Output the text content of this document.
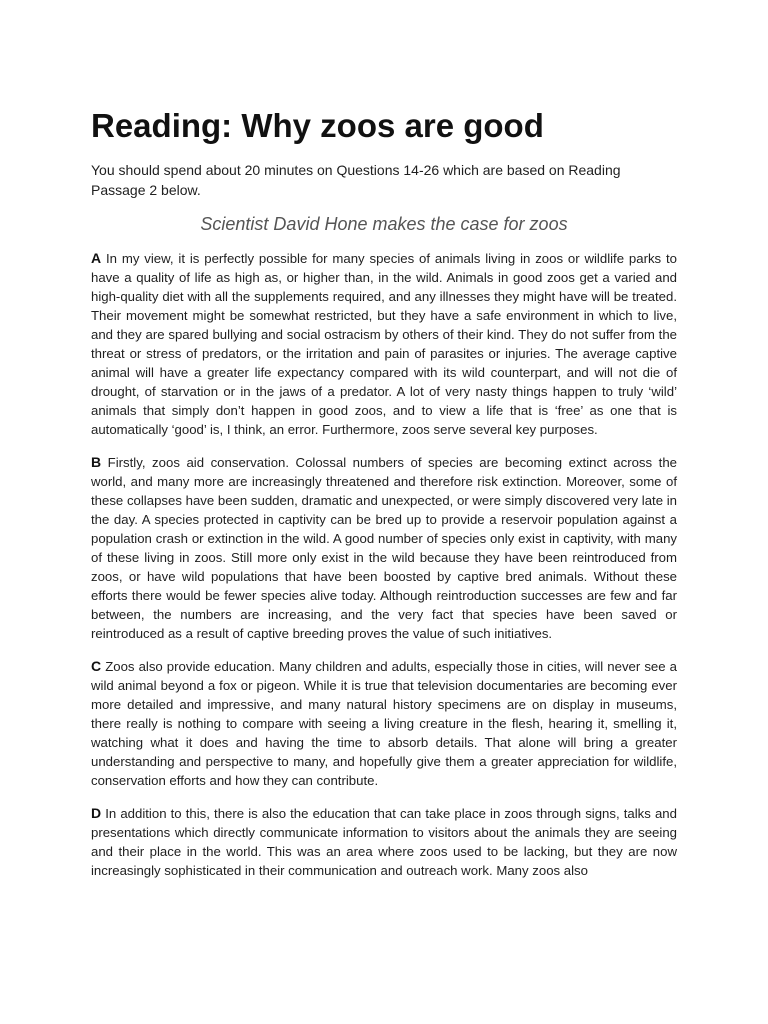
Reading: Why zoos are good

You should spend about 20 minutes on Questions 14-26 which are based on Reading Passage 2 below.

Scientist David Hone makes the case for zoos

A In my view, it is perfectly possible for many species of animals living in zoos or wildlife parks to have a quality of life as high as, or higher than, in the wild. Animals in good zoos get a varied and high-quality diet with all the supplements required, and any illnesses they might have will be treated. Their movement might be somewhat restricted, but they have a safe environment in which to live, and they are spared bullying and social ostracism by others of their kind. They do not suffer from the threat or stress of predators, or the irritation and pain of parasites or injuries. The average captive animal will have a greater life expectancy compared with its wild counterpart, and will not die of drought, of starvation or in the jaws of a predator. A lot of very nasty things happen to truly ‘wild’ animals that simply don’t happen in good zoos, and to view a life that is ‘free’ as one that is automatically ‘good’ is, I think, an error. Furthermore, zoos serve several key purposes.

B Firstly, zoos aid conservation. Colossal numbers of species are becoming extinct across the world, and many more are increasingly threatened and therefore risk extinction. Moreover, some of these collapses have been sudden, dramatic and unexpected, or were simply discovered very late in the day. A species protected in captivity can be bred up to provide a reservoir population against a population crash or extinction in the wild. A good number of species only exist in captivity, with many of these living in zoos. Still more only exist in the wild because they have been reintroduced from zoos, or have wild populations that have been boosted by captive bred animals. Without these efforts there would be fewer species alive today. Although reintroduction successes are few and far between, the numbers are increasing, and the very fact that species have been saved or reintroduced as a result of captive breeding proves the value of such initiatives.

C Zoos also provide education. Many children and adults, especially those in cities, will never see a wild animal beyond a fox or pigeon. While it is true that television documentaries are becoming ever more detailed and impressive, and many natural history specimens are on display in museums, there really is nothing to compare with seeing a living creature in the flesh, hearing it, smelling it, watching what it does and having the time to absorb details. That alone will bring a greater understanding and perspective to many, and hopefully give them a greater appreciation for wildlife, conservation efforts and how they can contribute.

D In addition to this, there is also the education that can take place in zoos through signs, talks and presentations which directly communicate information to visitors about the animals they are seeing and their place in the world. This was an area where zoos used to be lacking, but they are now increasingly sophisticated in their communication and outreach work. Many zoos also
